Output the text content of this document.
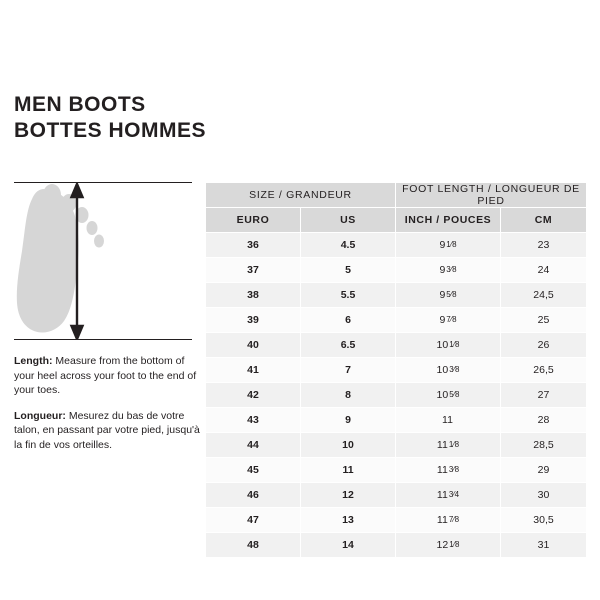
MEN BOOTS
BOTTES HOMMES

Length: Measure from the bottom of your heel across your foot to the end of your toes.

Longueur: Mesurez du bas de votre talon, en passant par votre pied, jusqu'à la fin de vos orteilles.

SIZE / GRANDEUR		FOOT LENGTH / LONGUEUR DE PIED	
EURO	US	INCH / POUCES	CM
36	4.5	$9^1⁄8$	23
37	5	$9^3⁄8$	24
38	5.5	$9^5⁄8$	24,5
39	6	$9^7⁄8$	25
40	6.5	$10^1⁄8$	26
41	7	$10^3⁄8$	26,5
42	8	$10^5⁄8$	27
43	9	11	28
44	10	$11^1⁄8$	28,5
45	11	$11^3⁄8$	29
46	12	$11^3⁄4$	30
47	13	$11^7⁄8$	30,5
48	14	$12^1⁄8$	31
